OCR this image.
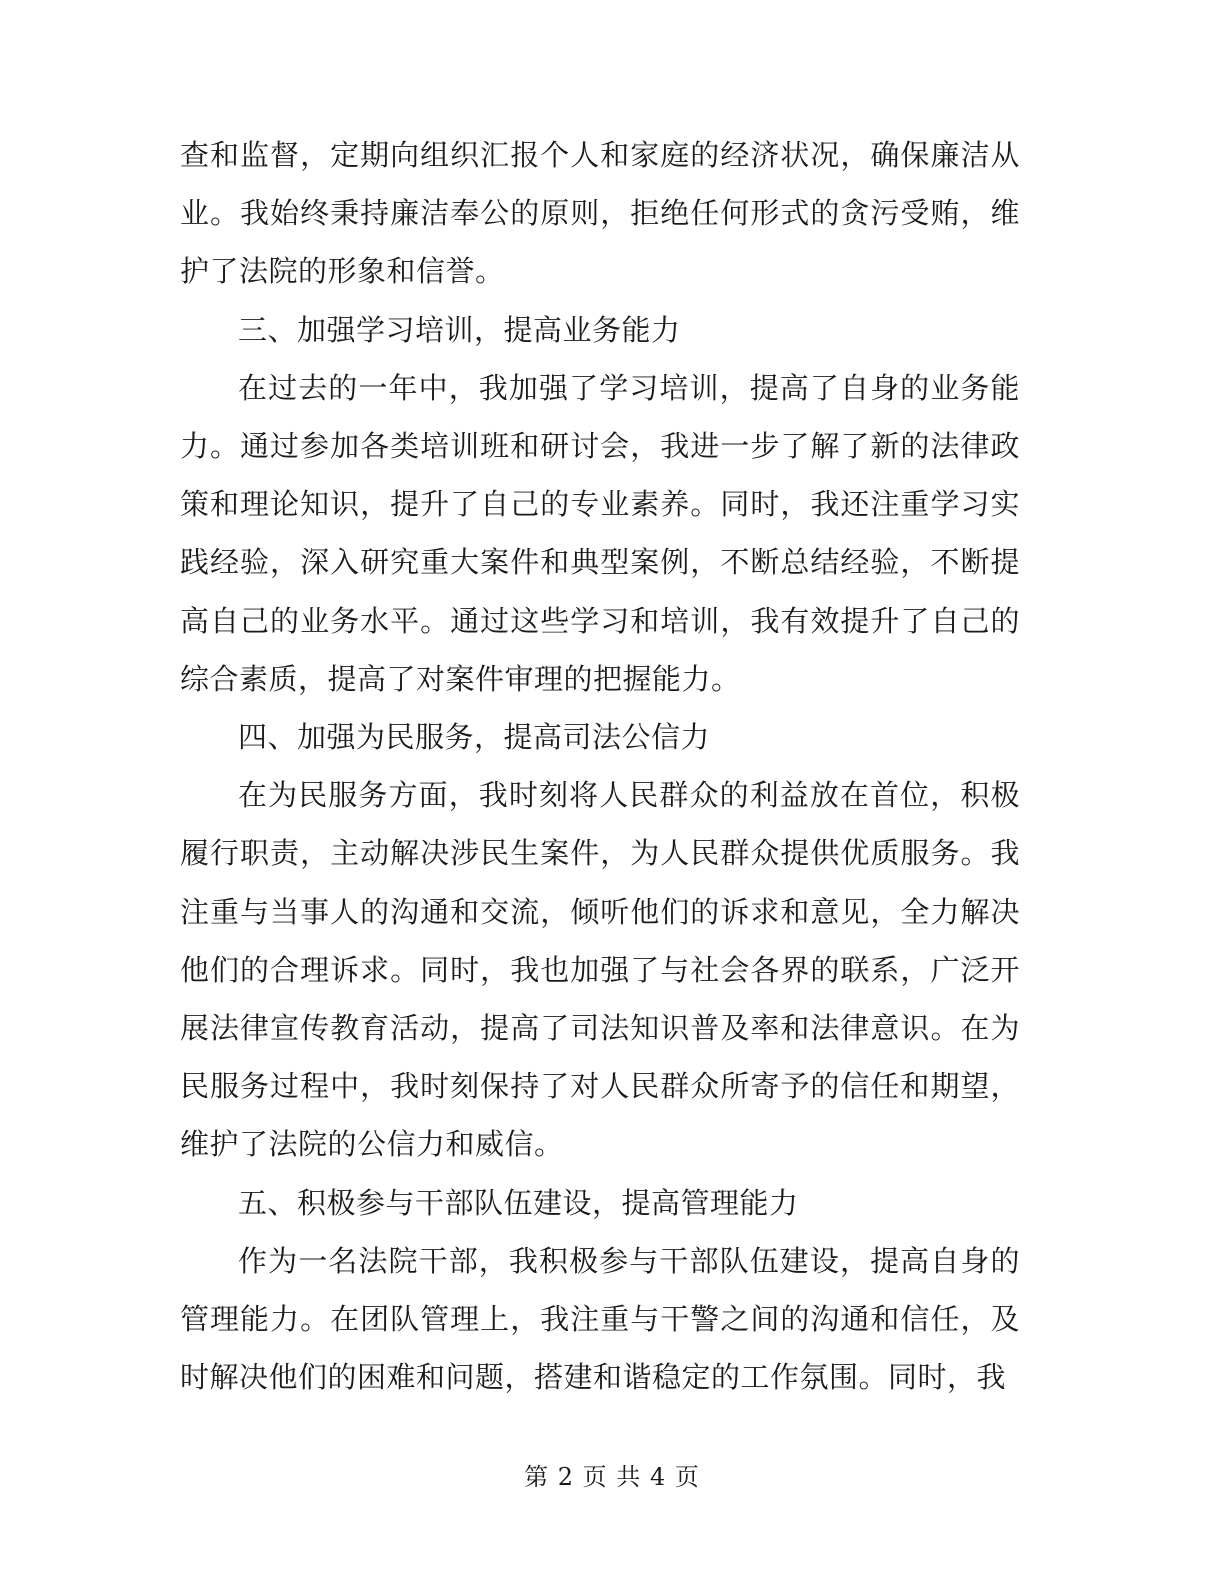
查和监督，定期向组织汇报个人和家庭的经济状况，确保廉洁从业。我始终秉持廉洁奉公的原则，拒绝任何形式的贪污受贿，维护了法院的形象和信誉。

三、加强学习培训，提高业务能力

在过去的一年中，我加强了学习培训，提高了自身的业务能力。通过参加各类培训班和研讨会，我进一步了解了新的法律政策和理论知识，提升了自己的专业素养。同时，我还注重学习实践经验，深入研究重大案件和典型案例，不断总结经验，不断提高自己的业务水平。通过这些学习和培训，我有效提升了自己的综合素质，提高了对案件审理的把握能力。

四、加强为民服务，提高司法公信力

在为民服务方面，我时刻将人民群众的利益放在首位，积极履行职责，主动解决涉民生案件，为人民群众提供优质服务。我注重与当事人的沟通和交流，倾听他们的诉求和意见，全力解决他们的合理诉求。同时，我也加强了与社会各界的联系，广泛开展法律宣传教育活动，提高了司法知识普及率和法律意识。在为民服务过程中，我时刻保持了对人民群众所寄予的信任和期望，维护了法院的公信力和威信。

五、积极参与干部队伍建设，提高管理能力

作为一名法院干部，我积极参与干部队伍建设，提高自身的管理能力。在团队管理上，我注重与干警之间的沟通和信任，及时解决他们的困难和问题，搭建和谐稳定的工作氛围。同时，我

第 2 页 共 4 页
